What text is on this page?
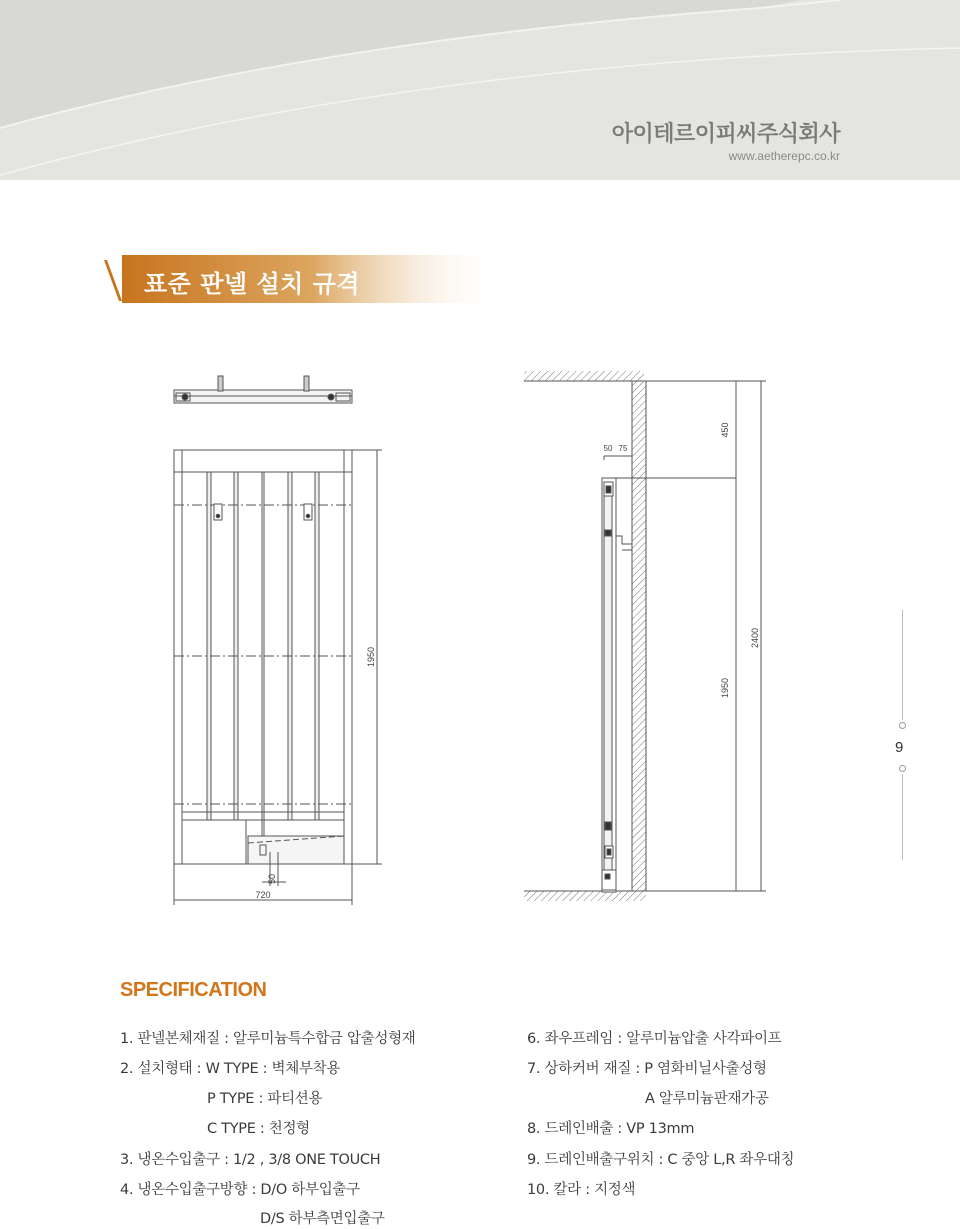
아이테르이피씨주식회사
www.aetherepc.co.kr
표준 판넬 설치 규격
1950
720
50
50 75
450
1950
2400
SPECIFICATION
1. 판넬본체재질 : 알루미늄특수합금 압출성형재
2. 설치형태 : W TYPE : 벽체부착용
P TYPE : 파티션용
C TYPE : 천정형
3. 냉온수입출구 : 1/2 , 3/8 ONE TOUCH
4. 냉온수입출구방향 : D/O 하부입출구
D/S 하부측면입출구
6. 좌우프레임 : 알루미늄압출 사각파이프
7. 상하커버 재질 : P 염화비닐사출성형
A 알루미늄판재가공
8. 드레인배출 : VP 13mm
9. 드레인배출구위치 : C 중앙 L,R 좌우대칭
10. 칼라 : 지정색
9
